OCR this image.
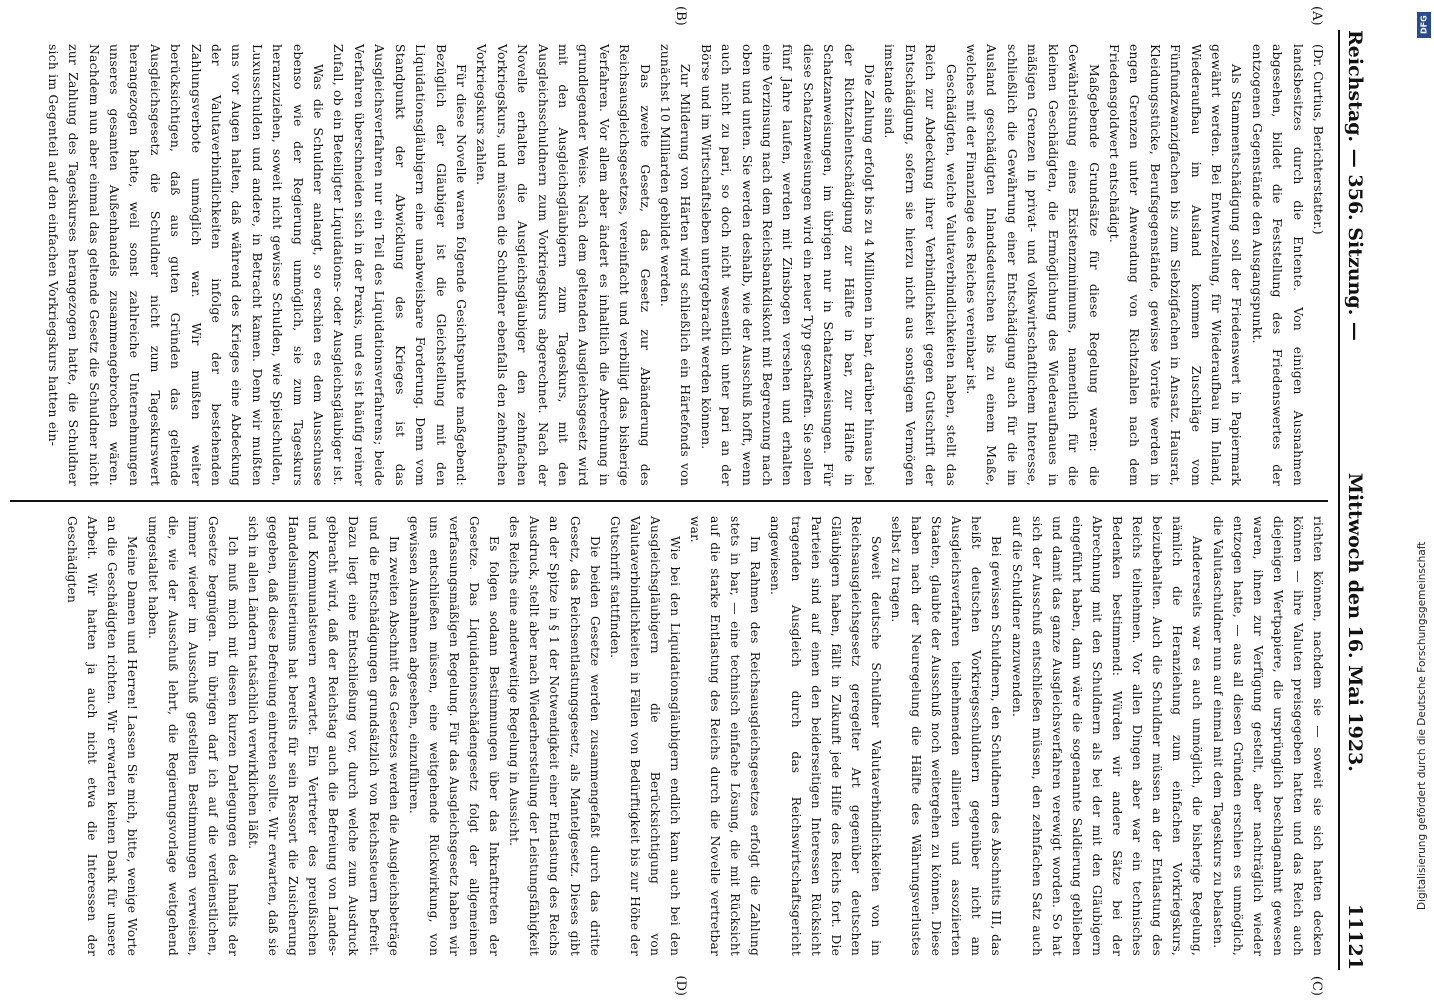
Reichstag. — 356. Sitzung. —
Mittwoch den 16. Mai 1923.
11121
(A)
(B)

(Dr. Curtius, Berichterstatter.)

landsbesitzes durch die Entente. Von einigen Ausnahmen abgesehen, bildet die Feststellung des Friedenswertes der entzogenen Gegenstände den Ausgangspunkt.

Als Stammentschädigung soll der Friedenswert in Papiermark gewährt werden. Bei Entwurzelung, für Wiederaufbau im Inland, Wiederaufbau im Ausland kommen Zuschläge vom Fünfundzwanzigfachen bis zum Siebzigfachen in Ansatz. Hausrat, Kleidungsstücke, Berufsgegenstände, gewisse Vorräte werden in engen Grenzen unter Anwendung von Richtzahlen nach dem Friedensgoldwert entschädigt.

Maßgebende Grundsätze für diese Regelung waren: die Gewährleistung eines Existenzminimums, namentlich für die kleinen Geschädigten, die Ermöglichung des Wiederaufbaues in mäßigen Grenzen in privat- und volkswirtschaftlichem Interesse, schließlich die Gewährung einer Entschädigung auch für die im Ausland geschädigten Inlandsdeutschen bis zu einem Maße, welches mit der Finanzlage des Reiches vereinbar ist.

Geschädigten, welche Valutaverbindlichkeiten haben, stellt das Reich zur Abdeckung ihrer Verbindlichkeit gegen Gutschrift der Entschädigung, sofern sie hierzu nicht aus sonstigem Vermögen imstande sind.

Die Zahlung erfolgt bis zu 4 Millionen in bar, darüber hinaus bei der Richtzahlentschädigung zur Hälfte in bar, zur Hälfte in Schatzanweisungen, im übrigen nur in Schatzanweisungen. Für diese Schatzanweisungen wird ein neuer Typ geschaffen. Sie sollen fünf Jahre laufen, werden mit Zinsbogen versehen und erhalten eine Verzinsung nach dem Reichsbankdiskont mit Begrenzung nach oben und unten. Sie werden deshalb, wie der Ausschuß hofft, wenn auch nicht zu pari, so doch nicht wesentlich unter pari an der Börse und im Wirtschaftsleben untergebracht werden können.

Zur Milderung von Härten wird schließlich ein Härtefonds von zunächst 10 Milliarden gebildet werden.

Das zweite Gesetz, das Gesetz zur Abänderung des Reichsausgleichsgesetzes, vereinfacht und verbilligt das bisherige Verfahren. Vor allem aber ändert es inhaltlich die Abrechnung in grundlegender Weise. Nach dem geltenden Ausgleichsgesetz wird mit den Ausgleichsgläubigern zum Tageskurs, mit den Ausgleichsschuldnern zum Vorkriegskurs abgerechnet. Nach der Novelle erhalten die Ausgleichsgläubiger den zehnfachen Vorkriegskurs, und müssen die Schuldner ebenfalls den zehnfachen Vorkriegskurs zahlen.

Für diese Novelle waren folgende Gesichtspunkte maßgebend: Bezüglich der Gläubiger ist die Gleichstellung mit den Liquidationsgläubigern eine unabweisbare Forderung. Denn vom Standpunkt der Abwicklung des Krieges ist das Ausgleichsverfahren nur ein Teil des Liquidationsverfahrens; beide Verfahren überschneiden sich in der Praxis, und es ist häufig reiner Zufall, ob ein Beteiligter Liquidations- oder Ausgleichsgläubiger ist.

Was die Schuldner anlangt, so erschien es dem Ausschusse ebenso wie der Regierung unmöglich, sie zum Tageskurs heranzuziehen, soweit nicht gewisse Schulden, wie Spielschulden, Luxusschulden und andere, in Betracht kamen. Denn wir mußten uns vor Augen halten, daß während des Krieges eine Abdeckung der Valutaverbindlichkeiten infolge der bestehenden Zahlungsverbote unmöglich war. Wir mußten weiter berücksichtigen, daß aus guten Gründen das geltende Ausgleichsgesetz die Schuldner nicht zum Tageskurswert herangezogen hatte, weil sonst zahlreiche Unternehmungen unseres gesamten Außenhandels zusammengebrochen wären. Nachdem nun aber einmal das geltende Gesetz die Schuldner nicht zur Zahlung des Tageskurses herangezogen hatte, die Schuldner sich im Gegenteil auf den einfachen Vorkriegskurs hatten ein-

(C)
(D)

richten können, nachdem sie — soweit sie sich hatten decken können — ihre Valuten preisgegeben hatten und das Reich auch diejenigen Wertpapiere, die ursprünglich beschlagnahmt gewesen waren, ihnen zur Verfügung gestellt, aber nachträglich wieder entzogen hatte, — aus all diesen Gründen erschien es unmöglich, die Valutaschuldner nun auf einmal mit dem Tageskurs zu belasten.

Andererseits war es auch unmöglich, die bisherige Regelung, nämlich die Heranziehung zum einfachen Vorkriegskurs, beizubehalten. Auch die Schuldner müssen an der Entlastung des Reichs teilnehmen. Vor allen Dingen aber war ein technisches Bedenken bestimmend: Würden wir andere Sätze bei der Abrechnung mit den Schuldnern als bei der mit den Gläubigern eingeführt haben, dann wäre die sogenannte Saldierung geblieben und damit das ganze Ausgleichsverfahren verewigt worden. So hat sich der Ausschuß entschließen müssen, den zehnfachen Satz auch auf die Schuldner anzuwenden.

Bei gewissen Schuldnern, den Schuldnern des Abschnitts III, das heißt deutschen Vorkriegsschuldnern gegenüber nicht am Ausgleichsverfahren teilnehmenden alliierten und assoziierten Staaten, glaubte der Ausschuß noch weitergehen zu können. Diese haben nach der Neuregelung die Hälfte des Währungsverlustes selbst zu tragen.

Soweit deutsche Schuldner Valutaverbindlichkeiten von im Reichsausgleichsgesetz geregelter Art gegenüber deutschen Gläubigern haben, fällt in Zukunft jede Hilfe des Reichs fort. Die Parteien sind auf einen den beiderseitigen Interessen Rücksicht tragenden Ausgleich durch das Reichswirtschaftsgericht angewiesen.

Im Rahmen des Reichsausgleichsgesetzes erfolgt die Zahlung stets in bar, — eine technisch einfache Lösung, die mit Rücksicht auf die starke Entlastung des Reichs durch die Novelle vertretbar war.

Wie bei den Liquidationsgläubigern endlich kann auch bei den Ausgleichsgläubigern die Berücksichtigung von Valutaverbindlichkeiten in Fällen von Bedürftigkeit bis zur Höhe der Gutschrift stattfinden.

Die beiden Gesetze werden zusammengefaßt durch das dritte Gesetz, das Reichsentlastungsgesetz, als Mantelgesetz. Dieses gibt an der Spitze in § 1 der Notwendigkeit einer Entlastung des Reichs Ausdruck, stellt aber nach Wiederherstellung der Leistungsfähigkeit des Reichs eine anderweitige Regelung in Aussicht.

Es folgen sodann Bestimmungen über das Inkrafttreten der Gesetze. Das Liquidationsschädengesetz folgt der allgemeinen verfassungsmäßigen Regelung. Für das Ausgleichsgesetz haben wir uns entschließen müssen, eine weitgehende Rückwirkung, von gewissen Ausnahmen abgesehen, einzuführen.

Im zweiten Abschnitt des Gesetzes werden die Ausgleichsbeträge und die Entschädigungen grundsätzlich von Reichssteuern befreit. Dazu liegt eine Entschließung vor, durch welche zum Ausdruck gebracht wird, daß der Reichstag auch die Befreiung von Landes- und Kommunalsteuern erwartet. Ein Vertreter des preußischen Handelsministeriums hat bereits für sein Ressort die Zusicherung gegeben, daß diese Befreiung eintreten sollte. Wir erwarten, daß sie sich in allen Ländern tatsächlich verwirklichen läßt.

Ich muß mich mit diesen kurzen Darlegungen des Inhalts der Gesetze begnügen. Im übrigen darf ich auf die verdienstlichen, immer wieder im Ausschuß gestellten Bestimmungen verweisen, die, wie der Ausschuß lehrt, die Regierungsvorlage weitgehend umgestaltet haben.

Meine Damen und Herren! Lassen Sie mich, bitte, wenige Worte an die Geschädigten richten. Wir erwarten keinen Dank für unsere Arbeit. Wir hatten ja auch nicht etwa die Interessen der Geschädigten

DFG
Digitalisierung gefördert durch die Deutsche Forschungsgemeinschaft
